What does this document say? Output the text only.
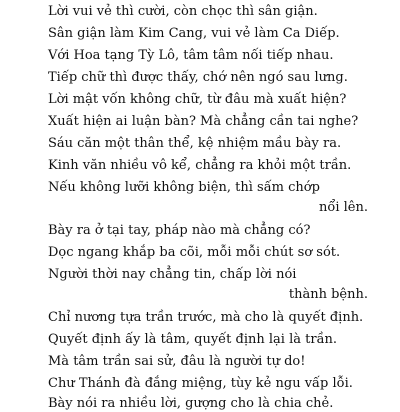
Lời vui vẻ thì cười, còn chọc thì sân giận.

Sân giận làm Kim Cang, vui vẻ làm Ca Diếp.

Với Hoa tạng Tỳ Lô, tâm tâm nối tiếp nhau.

Tiếp chữ thì được thấy, chớ nên ngó sau lưng.

Lời mật vốn không chữ, từ đâu mà xuất hiện?

Xuất hiện ai luận bàn? Mà chẳng cần tai nghe?

Sáu căn một thân thể, kệ nhiệm mầu bày ra.

Kinh văn nhiều vô kể, chẳng ra khỏi một trần.

Nếu không lưỡi không biện, thì sấm chớp

nổi lên.

Bày ra ở tại tay, pháp nào mà chẳng có?

Dọc ngang khắp ba cõi, mỗi mỗi chút sơ sót.

Người thời nay chẳng tin, chấp lời nói

thành bệnh.

Chỉ nương tựa trần trước, mà cho là quyết định.

Quyết định ấy là tâm, quyết định lại là trần.

Mà tâm trần sai sử, đâu là người tự do!

Chư Thánh đà đắng miệng, tùy kẻ ngu vấp lỗi.

Bày nói ra nhiều lời, gượng cho là chia chẻ.
